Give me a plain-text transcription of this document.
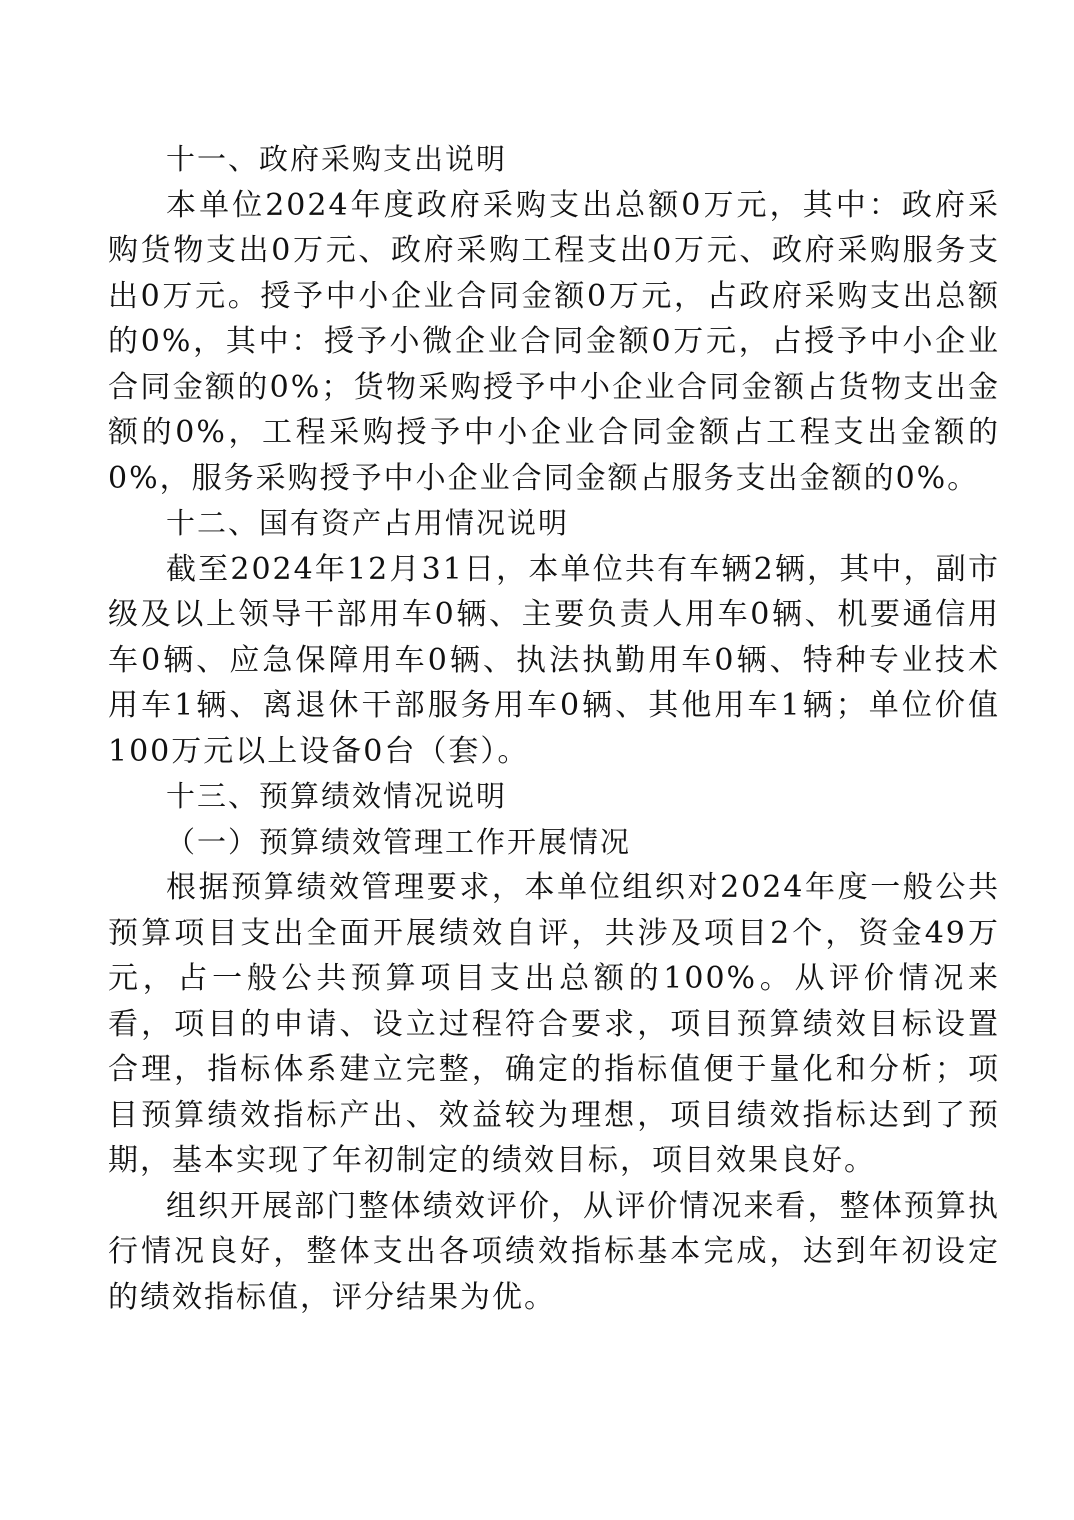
十一、政府采购支出说明

本单位2024年度政府采购支出总额0万元，其中：政府采购货物支出0万元、政府采购工程支出0万元、政府采购服务支出0万元。授予中小企业合同金额0万元，占政府采购支出总额的0%，其中：授予小微企业合同金额0万元，占授予中小企业合同金额的0%；货物采购授予中小企业合同金额占货物支出金额的0%，工程采购授予中小企业合同金额占工程支出金额的0%，服务采购授予中小企业合同金额占服务支出金额的0%。

十二、国有资产占用情况说明

截至2024年12月31日，本单位共有车辆2辆，其中，副市级及以上领导干部用车0辆、主要负责人用车0辆、机要通信用车0辆、应急保障用车0辆、执法执勤用车0辆、特种专业技术用车1辆、离退休干部服务用车0辆、其他用车1辆；单位价值100万元以上设备0台（套）。

十三、预算绩效情况说明
（一）预算绩效管理工作开展情况

根据预算绩效管理要求，本单位组织对2024年度一般公共预算项目支出全面开展绩效自评，共涉及项目2个，资金49万元，占一般公共预算项目支出总额的100%。从评价情况来看，项目的申请、设立过程符合要求，项目预算绩效目标设置合理，指标体系建立完整，确定的指标值便于量化和分析；项目预算绩效指标产出、效益较为理想，项目绩效指标达到了预期，基本实现了年初制定的绩效目标，项目效果良好。

组织开展部门整体绩效评价，从评价情况来看，整体预算执行情况良好，整体支出各项绩效指标基本完成，达到年初设定的绩效指标值，评分结果为优。
